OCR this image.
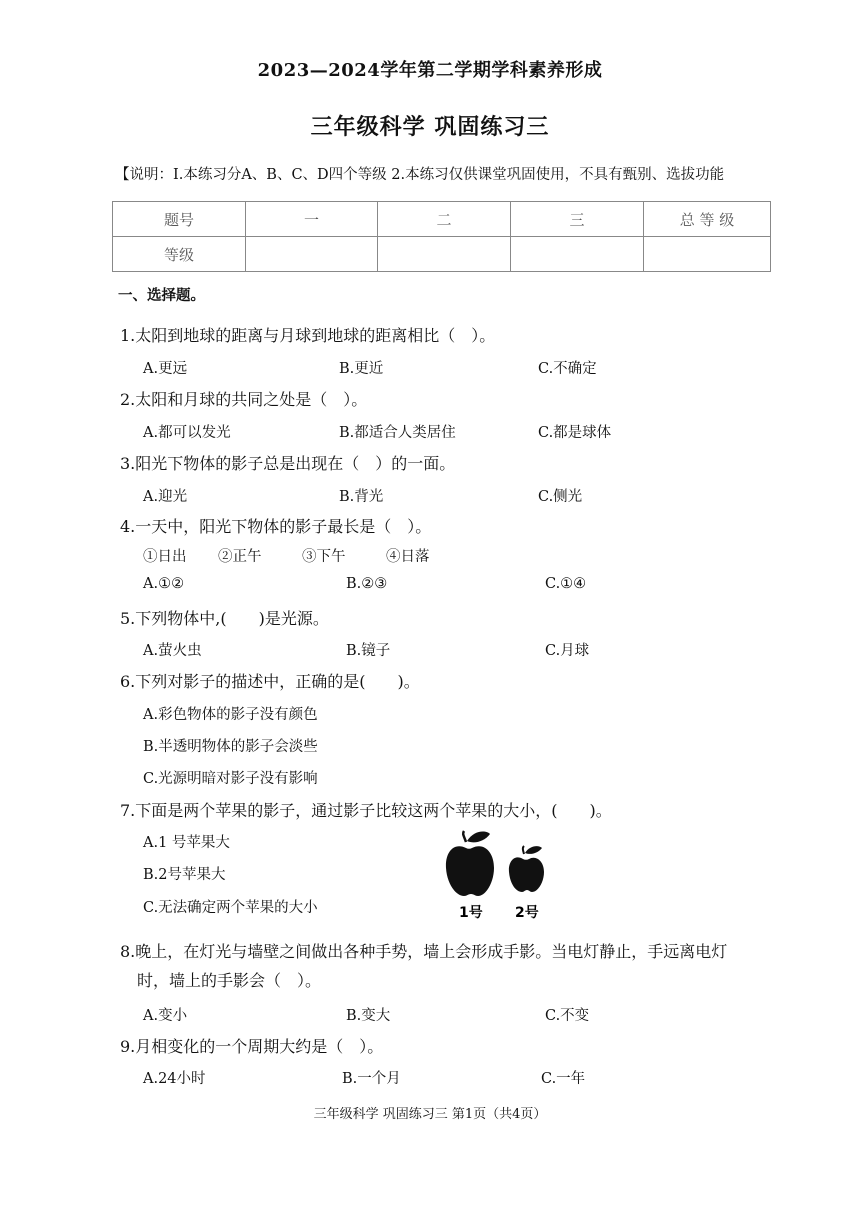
2023—2024学年第二学期学科素养形成
三年级科学 巩固练习三
【说明：I.本练习分A、B、C、D四个等级 2.本练习仅供课堂巩固使用，不具有甄别、选拔功能
题号	一	二	三	总 等 级
等级				
一、选择题。
1.太阳到地球的距离与月球到地球的距离相比（　）。
A.更远	B.更近	C.不确定
2.太阳和月球的共同之处是（　）。
A.都可以发光	B.都适合人类居住	C.都是球体
3.阳光下物体的影子总是出现在（　）的一面。
A.迎光	B.背光	C.侧光
4.一天中，阳光下物体的影子最长是（　）。
①日出 ②正午	③下午	④日落
A.①②	B.②③	C.①④
5.下列物体中,(　　)是光源。
A.萤火虫	B.镜子	C.月球
6.下列对影子的描述中，正确的是(　　)。
A.彩色物体的影子没有颜色
B.半透明物体的影子会淡些
C.光源明暗对影子没有影响
7.下面是两个苹果的影子，通过影子比较这两个苹果的大小，(　　)。
A.1 号苹果大
B.2号苹果大
C.无法确定两个苹果的大小	1号 2号
8.晚上，在灯光与墙壁之间做出各种手势，墙上会形成手影。当电灯静止，手远离电灯
时，墙上的手影会（　）。
A.变小	B.变大	C.不变
9.月相变化的一个周期大约是（　）。
A.24小时	B.一个月	C.一年
三年级科学 巩固练习三 第1页（共4页）
